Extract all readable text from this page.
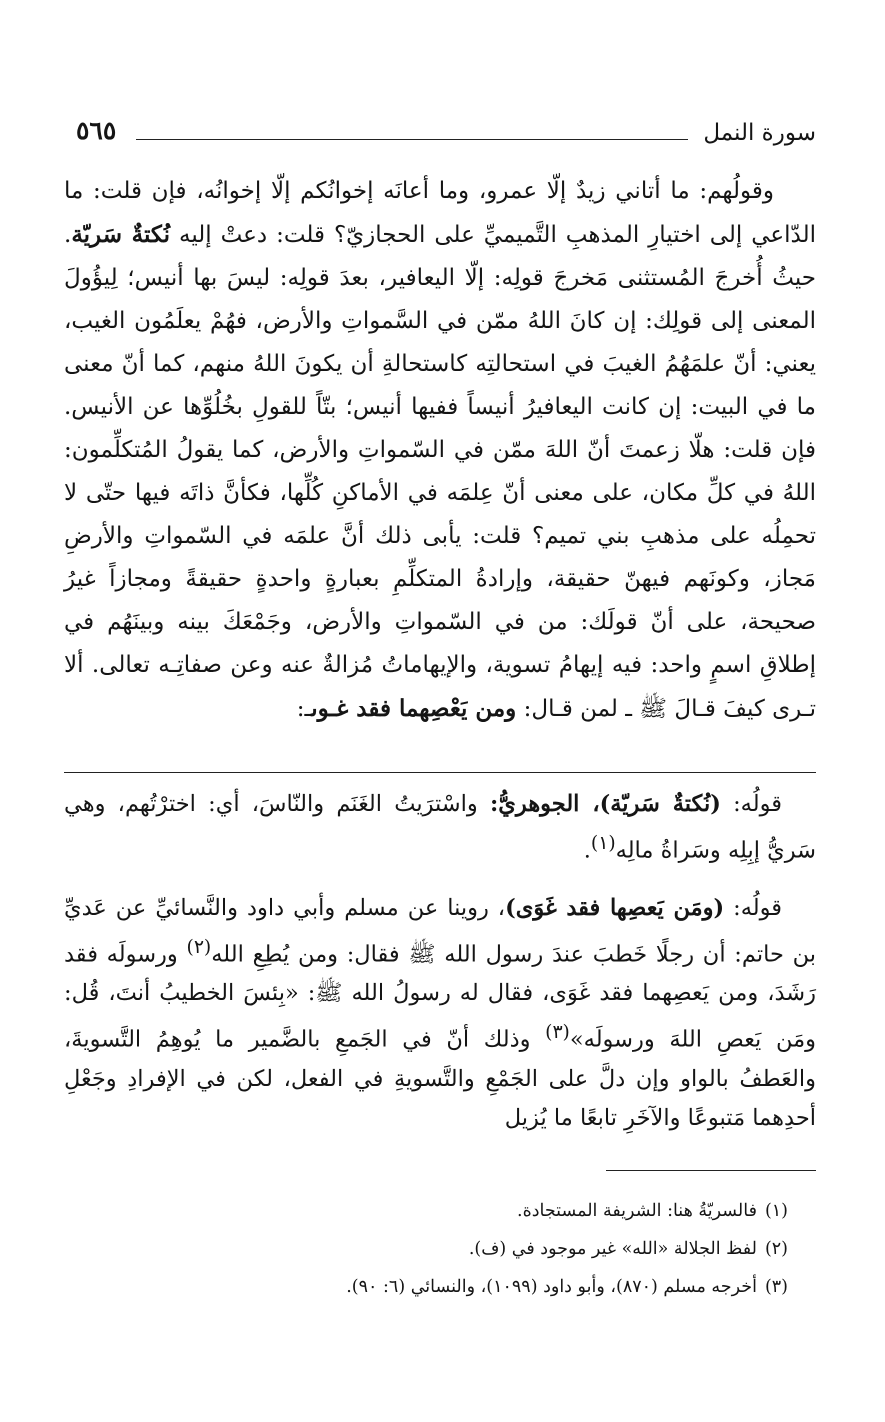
سورة النمل
٥٦٥

وقولُهم: ما أتاني زيدٌ إلّا عمرو، وما أعانَه إخوانُكم إلّا إخوانُه، فإن قلت: ما الدّاعي إلى اختيارِ المذهبِ التَّميميِّ على الحجازيّ؟ قلت: دعتْ إليه نُكتةٌ سَريّة. حيثُ أُخرجَ المُستثنى مَخرجَ قولِه: إلّا اليعافير، بعدَ قولِه: ليسَ بها أنيس؛ لِيؤُولَ المعنى إلى قولِك: إن كانَ اللهُ ممّن في السَّمواتِ والأرض، فهُمْ يعلَمُون الغيب، يعني: أنّ علمَهُمُ الغيبَ في استحالتِه كاستحالةِ أن يكونَ اللهُ منهم، كما أنّ معنى ما في البيت: إن كانت اليعافيرُ أنيساً ففيها أنيس؛ بتّاً للقولِ بخُلُوِّها عن الأنيس. فإن قلت: هلّا زعمتَ أنّ اللهَ ممّن في السّمواتِ والأرض، كما يقولُ المُتكلِّمون: اللهُ في كلِّ مكان، على معنى أنّ عِلمَه في الأماكنِ كُلِّها، فكأنَّ ذاتَه فيها حتّى لا تحمِلُه على مذهبِ بني تميم؟ قلت: يأبى ذلك أنَّ علمَه في السّمواتِ والأرضِ مَجاز، وكونَهم فيهنّ حقيقة، وإرادةُ المتكلِّمِ بعبارةٍ واحدةٍ حقيقةً ومجازاً غيرُ صحيحة، على أنّ قولَك: من في السّمواتِ والأرض، وجَمْعَكَ بينه وبينَهُم في إطلاقِ اسمٍ واحد: فيه إيهامُ تسوية، والإيهاماتُ مُزالةٌ عنه وعن صفاتِـه تعالى. ألا تـرى كيفَ قـالَ ﷺ ـ لمن قـال: ومن يَعْصِهما فقد غـوىـ:

قولُه: (نُكتةٌ سَريّة)، الجوهريُّ: واسْترَيتُ الغَنَم والنّاسَ، أي: اخترْتُهم، وهي سَريُّ إبِلِه وسَراةُ مالِه$^{(١)}$.

قولُه: (ومَن يَعصِها فقد غَوَى)، روينا عن مسلم وأبي داود والنَّسائيِّ عن عَديِّ بن حاتم: أن رجلًا خَطبَ عندَ رسول الله ﷺ فقال: ومن يُطِعِ الله$^{(٢)}$ ورسولَه فقد رَشَدَ، ومن يَعصِهما فقد غَوَى، فقال له رسولُ الله ﷺ: «بِئسَ الخطيبُ أنتَ، قُل: ومَن يَعصِ اللهَ ورسولَه»$^{(٣)}$ وذلك أنّ في الجَمعِ بالضَّمير ما يُوهِمُ التَّسويةَ، والعَطفُ بالواو وإن دلَّ على الجَمْعِ والتَّسويةِ في الفعل، لكن في الإفرادِ وجَعْلِ أحدِهما مَتبوعًا والآخَرِ تابعًا ما يُزيل

(١)فالسريّةُ هنا: الشريفة المستجادة.

(٢)لفظ الجلالة «الله» غير موجود في (ف).

(٣)أخرجه مسلم (٨٧٠)، وأبو داود (١٠٩٩)، والنسائي (٦: ٩٠).
